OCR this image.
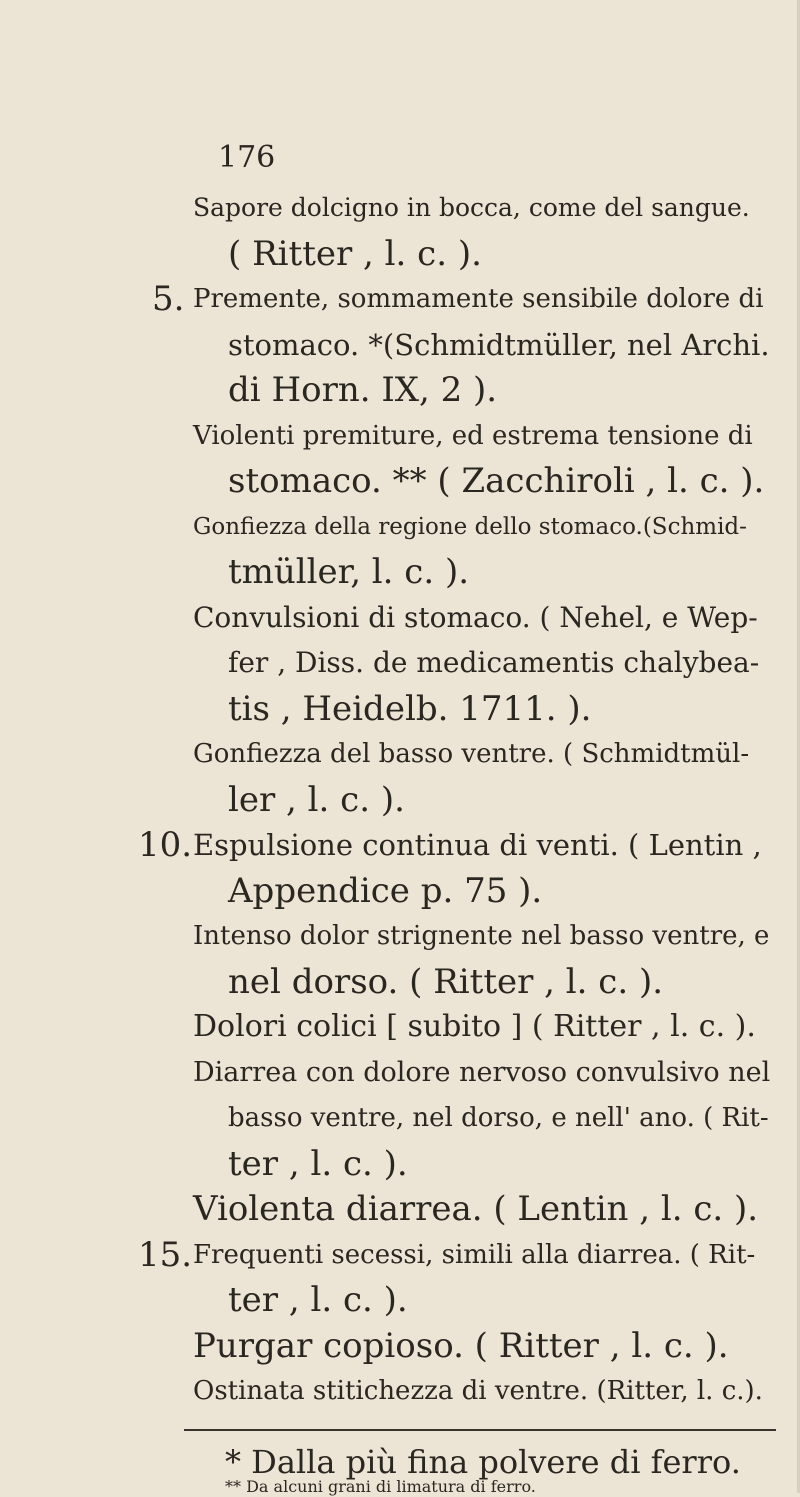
176
Sapore dolcigno in bocca, come del sangue.
( Ritter , l. c. ).
5. Premente, sommamente sensibile dolore di
stomaco. *(Schmidtmüller, nel Archi.
di Horn. IX, 2 ).
Violenti premiture, ed estrema tensione di
stomaco. ** ( Zacchiroli , l. c. ).
Gonfiezza della regione dello stomaco.(Schmid-
tmüller, l. c. ).
Convulsioni di stomaco. ( Nehel, e Wep-
fer , Diss. de medicamentis chalybea-
tis , Heidelb. 1711. ).
Gonfiezza del basso ventre. ( Schmidtmül-
ler , l. c. ).
10. Espulsione continua di venti. ( Lentin ,
Appendice p. 75 ).
Intenso dolor strignente nel basso ventre, e
nel dorso. ( Ritter , l. c. ).
Dolori colici [ subito ] ( Ritter , l. c. ).
Diarrea con dolore nervoso convulsivo nel
basso ventre, nel dorso, e nell' ano. ( Rit-
ter , l. c. ).
Violenta diarrea. ( Lentin , l. c. ).
15. Frequenti secessi, simili alla diarrea. ( Rit-
ter , l. c. ).
Purgar copioso. ( Ritter , l. c. ).
Ostinata stitichezza di ventre. (Ritter, l. c.).
* Dalla più fina polvere di ferro.
** Da alcuni grani di limatura di ferro.
